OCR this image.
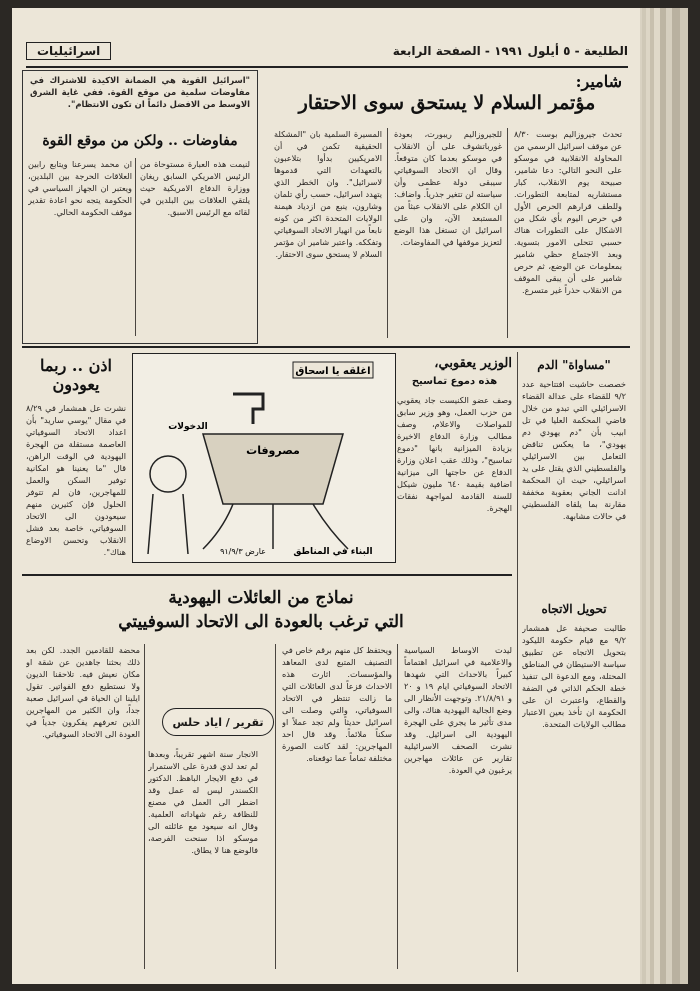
الطليعة - ٥ أيلول ١٩٩١ - الصفحة الرابعة
اسرائيليات
شامير:
مؤتمر السلام لا يستحق سوى الاحتقار

تحدث جيروزاليم بوست ٨/٣٠ عن موقف اسرائيل الرسمي من المحاولة الانقلابية في موسكو على النحو التالي: دعا شامير، صبيحة يوم الانقلاب، كبار مستشاريه لمتابعة التطورات. وللطف قرارهم الحرص الأول في حرص اليوم بأي شكل من الاشكال على التطورات هناك حسبي تتحلى الامور بتسوية. وبعد الاجتماع حظي شامير بمعلومات عن الوضع، ثم حرص شامير على أن يبقى الموقف من الانقلاب حذراً غير متسرع.

للجيروزاليم ريبورت، بعودة غورباتشوف على أن الانقلاب في موسكو بعدما كان متوقعاً. وقال ان الاتحاد السوفياتي سيبقى دولة عظمى وأن سياسته لن تتغير جذرياً. واضاف: ان الكلام على الانقلاب عبثاً من المستبعد الآن، وان على اسرائيل ان تستغل هذا الوضع لتعزيز موقفها في المفاوضات.

المسيرة السلمية بان "المشكلة الحقيقية تكمن في أن الامريكيين بدأوا بتلاعبون بالتعهدات التي قدموها لاسرائيل". وان الخطر الذي يتهدد اسرائيل، حسب رأي تلمان وشارون، ينبع من ازدياد هيمنة الولايات المتحدة اكثر من كونه نابعاً من انهيار الاتحاد السوفياتي وتفككه. واعتبر شامير ان مؤتمر السلام لا يستحق سوى الاحتقار.

"اسرائيل القوية هي الضمانة الاكيدة للاشتراك في مفاوضات سلمية من موقع القوة. ففي غاية الشرق الاوسط من الافضل دائماً ان تكون الانتظام".

مفاوضات .. ولكن من موقع القوة

لنيمت هذه العبارة مستوحاة من الرئيس الامريكي السابق ريغان ووزارة الدفاع الامريكية حيث يلتقي العلاقات بين البلدين في لقائه مع الرئيس الاسبق.

ان محمد يسرعنا ويتابع رابين العلاقات الحرجة بين البلدين، ويعتبر ان الجهاز السياسي في الحكومة يتجه نحو اعادة تقدير موقف الحكومة الحالي.

"مساواة" الدم

خصصت حاشيت افتتاحية عدد ٩/٢ للقضاء على عدالة القضاء الاسرائيلي التي تبدو من خلال قاضي المحكمة العليا في تل ابيب بأن "دم يهودي دم يهودي"، ما يعكس تناقض التعامل بين الاسرائيلي والفلسطيني الذي يقتل على يد اسرائيلي، حيث ان المحكمة ادانت الجاني بعقوبة مخففة مقارنة بما يلقاه الفلسطيني في حالات مشابهة.

تحويل الاتجاه

طالبت صحيفة عل همشمار ٩/٢ مع قيام حكومة الليكود بتحويل الاتجاه عن تطبيق سياسة الاستيطان في المناطق المحتلة، ومع الدعوة الى تنفيذ خطة الحكم الذاتي في الضفة والقطاع، واعتبرت ان على الحكومة ان تأخذ بعين الاعتبار مطالب الولايات المتحدة.

الوزير يعقوبي،
هذه دموع تماسيح

وصف عضو الكنيست جاد يعقوبي من حزب العمل، وهو وزير سابق للمواصلات والاعلام، وصف مطالب وزارة الدفاع الاخيرة بزيادة الميزانية بانها "دموع تماسيح"، وذلك عقب اعلان وزارة الدفاع عن حاجتها الى ميزانية اضافية بقيمة ٦٤٠ مليون شيكل للسنة القادمة لمواجهة نفقات الهجرة.

اغلقه يا اسحاق
مصروفات
الدخولات
البناء في المناطق
عارض ٩١/٩/٣
اذن .. ربما يعودون

نشرت عل همشمار في ٨/٢٩ في مقال "يوسي ساريد" بأن اعداد الاتحاد السوفياتي العاصمة مستقلة من الهجرة اليهودية في الوقت الراهن، قال "ما يعنينا هو امكانية توفير السكن والعمل للمهاجرين، فان لم تتوفر الحلول فإن كثيرين منهم سيعودون الى الاتحاد السوفياتي، خاصة بعد فشل الانقلاب وتحسن الاوضاع هناك".

نماذج من العائلات اليهودية
التي ترغب بالعودة الى الاتحاد السوفييتي

ليدت الاوساط السياسية والاعلامية في اسرائيل اهتماماً كبيراً بالاحداث التي شهدها الاتحاد السوفياتي ايام ١٩ و ٢٠ و ٢١/٨/٩١. وتوجهت الأنظار الى وضع الجالية اليهودية هناك، والى مدى تأثير ما يجري على الهجرة اليهودية الى اسرائيل. وقد نشرت الصحف الاسرائيلية تقارير عن عائلات مهاجرين يرغبون في العودة.

ويحتفظ كل منهم برقم خاص في التصنيف المتبع لدى المعاهد والمؤسسات. اثارت هذه الاحداث فزعاً لدى العائلات التي ما زالت تنتظر في الاتحاد السوفياتي، والتي وصلت الى اسرائيل حديثاً ولم تجد عملاً او سكناً ملائماً. وقد قال احد المهاجرين: لقد كانت الصورة مختلفة تماماً عما توقعناه.

الانجار سنة اشهر تقريباً، وبعدها لم تعد لدي قدرة على الاستمرار في دفع الايجار الباهظ. الدكتور الكسندر ليس له عمل وقد اضطر الى العمل في مصنع للنظافة رغم شهاداته العلمية. وقال انه سيعود مع عائلته الى موسكو اذا سنحت الفرصة، فالوضع هنا لا يطاق.

تقرير / اياد حلس

محضة للقادمين الجدد. لكن بعد ذلك بحثنا جاهدين عن شقة او مكان نعيش فيه. تلاحقنا الديون ولا نستطيع دفع الفواتير. تقول ايلينا ان الحياة في اسرائيل صعبة جداً، وان الكثير من المهاجرين الذين تعرفهم يفكرون جدياً في العودة الى الاتحاد السوفياتي.
